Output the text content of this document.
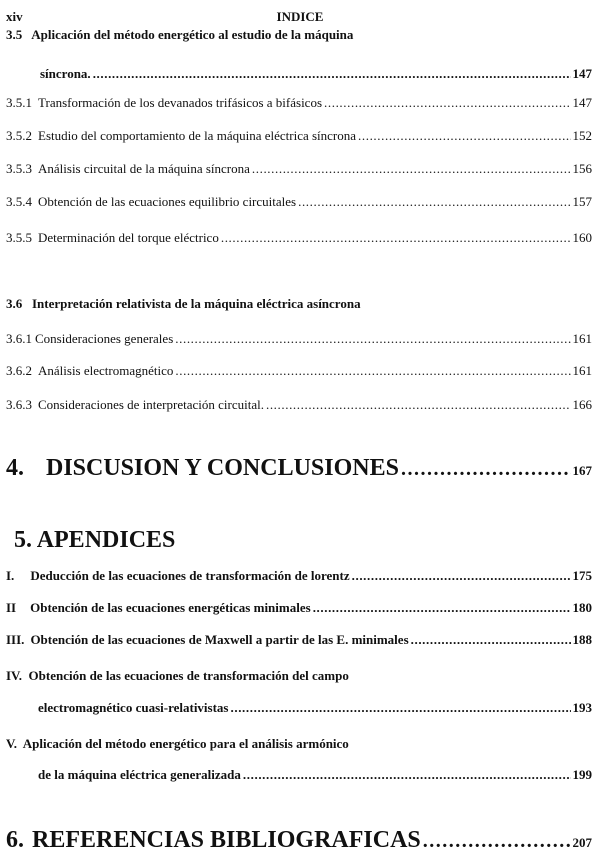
xiv	INDICE
3.5 Aplicación del método energético al estudio de la máquina
síncrona. .....	147
3.5.1 Transformación de los devanados trifásicos a bifásicos .....	147
3.5.2 Estudio del comportamiento de la máquina eléctrica síncrona .....	152
3.5.3 Análisis circuital de la máquina síncrona .....	156
3.5.4 Obtención de las ecuaciones equilibrio circuitales .....	157
3.5.5 Determinación del torque eléctrico .....	160
3.6 Interpretación relativista de la máquina eléctrica asíncrona
3.6.1 Consideraciones generales .....	161
3.6.2 Análisis electromagnético .....	161
3.6.3 Consideraciones de interpretación circuital. .....	166
4. DISCUSION Y CONCLUSIONES .....	167
5. APENDICES
I. Deducción de las ecuaciones de transformación de lorentz .....	175
II Obtención de las ecuaciones energéticas minimales .....	180
III. Obtención de las ecuaciones de Maxwell a partir de las E. minimales .....	188
IV. Obtención de las ecuaciones de transformación del campo
electromagnético cuasi-relativistas .....	193
V. Aplicación del método energético para el análisis armónico
de la máquina eléctrica generalizada .....	199
6. REFERENCIAS BIBLIOGRAFICAS .....	207
